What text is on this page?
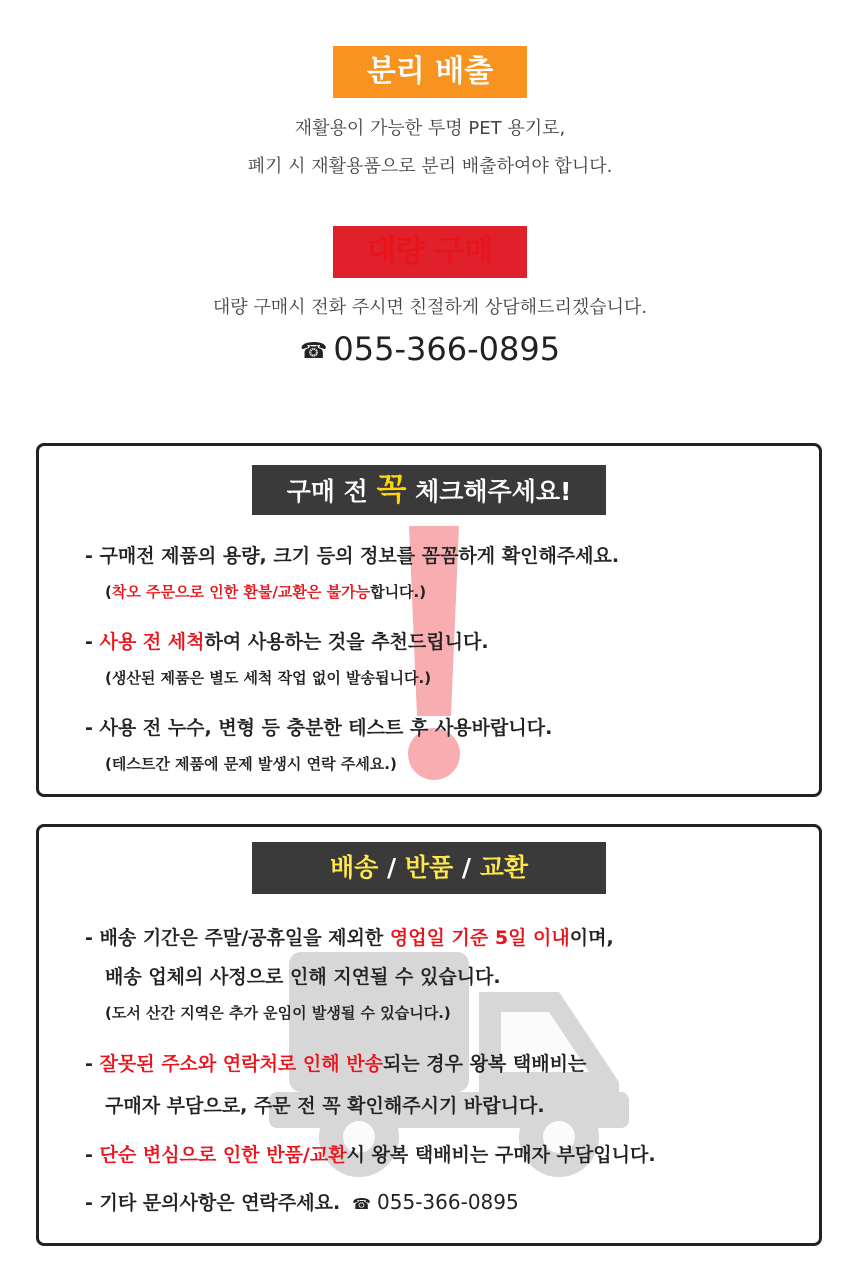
분리 배출
재활용이 가능한 투명 PET 용기로,
폐기 시 재활용품으로 분리 배출하여야 합니다.
대량 구매
대량 구매시 전화 주시면 친절하게 상담해드리겠습니다.
☎ 055-366-0895
구매 전 꼭 체크해주세요!
- 구매전 제품의 용량, 크기 등의 정보를 꼼꼼하게 확인해주세요.
(착오 주문으로 인한 환불/교환은 불가능합니다.)
- 사용 전 세척하여 사용하는 것을 추천드립니다.
(생산된 제품은 별도 세척 작업 없이 발송됩니다.)
- 사용 전 누수, 변형 등 충분한 테스트 후 사용바랍니다.
(테스트간 제품에 문제 발생시 연락 주세요.)
배송 / 반품 / 교환
- 배송 기간은 주말/공휴일을 제외한 영업일 기준 5일 이내이며,
배송 업체의 사정으로 인해 지연될 수 있습니다.
(도서 산간 지역은 추가 운임이 발생될 수 있습니다.)
- 잘못된 주소와 연락처로 인해 반송되는 경우 왕복 택배비는
구매자 부담으로, 주문 전 꼭 확인해주시기 바랍니다.
- 단순 변심으로 인한 반품/교환시 왕복 택배비는 구매자 부담입니다.
- 기타 문의사항은 연락주세요. ☎ 055-366-0895
